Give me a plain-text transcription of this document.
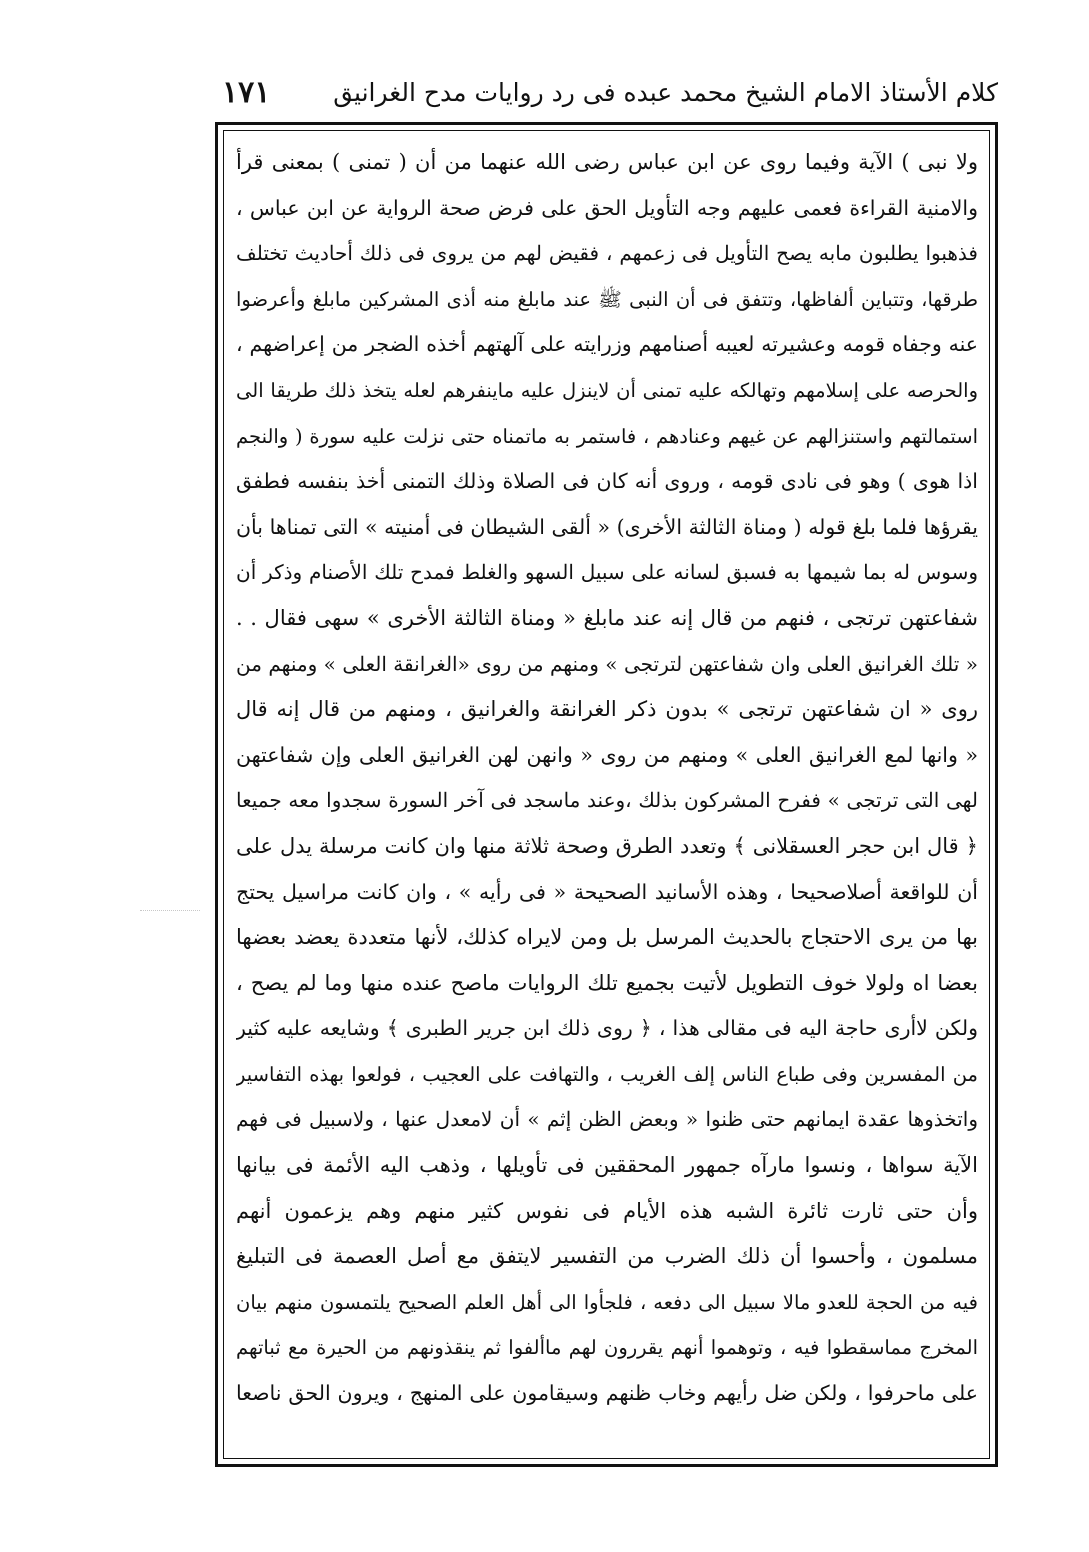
كلام الأستاذ الامام الشيخ محمد عبده فى رد روايات مدح الغرانيق
١٧١
ولا نبى ) الآية وفيما روى عن ابن عباس رضى الله عنهما من أن ( تمنى ) بمعنى قرأ
والامنية القراءة فعمى عليهم وجه التأويل الحق على فرض صحة الرواية عن ابن عباس ،
فذهبوا يطلبون مابه يصح التأويل فى زعمهم ، فقيض لهم من يروى فى ذلك أحاديث تختلف
طرقها، وتتباين ألفاظها، وتتفق فى أن النبى ﷺ عند مابلغ منه أذى المشركين مابلغ وأعرضوا
عنه وجفاه قومه وعشيرته لعيبه أصنامهم وزرايته على آلهتهم أخذه الضجر من إعراضهم ،
والحرصه على إسلامهم وتهالكه عليه تمنى أن لاينزل عليه ماينفرهم لعله يتخذ ذلك طريقا الى
استمالتهم واستنزالهم عن غيهم وعنادهم ، فاستمر به ماتمناه حتى نزلت عليه سورة ( والنجم
اذا هوى ) وهو فى نادى قومه ، وروى أنه كان فى الصلاة وذلك التمنى أخذ بنفسه فطفق
يقرؤها فلما بلغ قوله ( ومناة الثالثة الأخرى) « ألقى الشيطان فى أمنيته » التى تمناها بأن
وسوس له بما شيمها به فسبق لسانه على سبيل السهو والغلط فمدح تلك الأصنام وذكر أن
شفاعتهن ترتجى ، فنهم من قال إنه عند مابلغ « ومناة الثالثة الأخرى » سهى فقال . .
« تلك الغرانيق العلى وان شفاعتهن لترتجى » ومنهم من روى «الغرانقة العلى » ومنهم من
روى « ان شفاعتهن ترتجى » بدون ذكر الغرانقة والغرانيق ، ومنهم من قال إنه قال
« وانها لمع الغرانيق العلى » ومنهم من روى « وانهن لهن الغرانيق العلى وإن شفاعتهن
لهى التى ترتجى » ففرح المشركون بذلك ،وعند ماسجد فى آخر السورة سجدوا معه جميعا
﴿ قال ابن حجر العسقلانى ﴾ وتعدد الطرق وصحة ثلاثة منها وان كانت مرسلة يدل على
أن للواقعة أصلاصحيحا ، وهذه الأسانيد الصحيحة « فى رأيه » ، وان كانت مراسيل يحتج
بها من يرى الاحتجاج بالحديث المرسل بل ومن لايراه كذلك، لأنها متعددة يعضد بعضها
بعضا اه ولولا خوف التطويل لأتيت بجميع تلك الروايات ماصح عنده منها وما لم يصح ،
ولكن لاأرى حاجة اليه فى مقالى هذا ، ﴿ روى ذلك ابن جرير الطبرى ﴾ وشايعه عليه كثير
من المفسرين وفى طباع الناس إلف الغريب ، والتهافت على العجيب ، فولعوا بهذه التفاسير
واتخذوها عقدة ايمانهم حتى ظنوا « وبعض الظن إثم » أن لامعدل عنها ، ولاسبيل فى فهم
الآية سواها ، ونسوا مارآه جمهور المحققين فى تأويلها ، وذهب اليه الأئمة فى بيانها
وأن حتى ثارت ثائرة الشبه هذه الأيام فى نفوس كثير منهم وهم يزعمون أنهم
مسلمون ، وأحسوا أن ذلك الضرب من التفسير لايتفق مع أصل العصمة فى التبليغ
فيه من الحجة للعدو مالا سبيل الى دفعه ، فلجأوا الى أهل العلم الصحيح يلتمسون منهم بيان
المخرج مماسقطوا فيه ، وتوهموا أنهم يقررون لهم ماألفوا ثم ينقذونهم من الحيرة مع ثباتهم
على ماحرفوا ، ولكن ضل رأيهم وخاب ظنهم وسيقامون على المنهج ، ويرون الحق ناصعا
